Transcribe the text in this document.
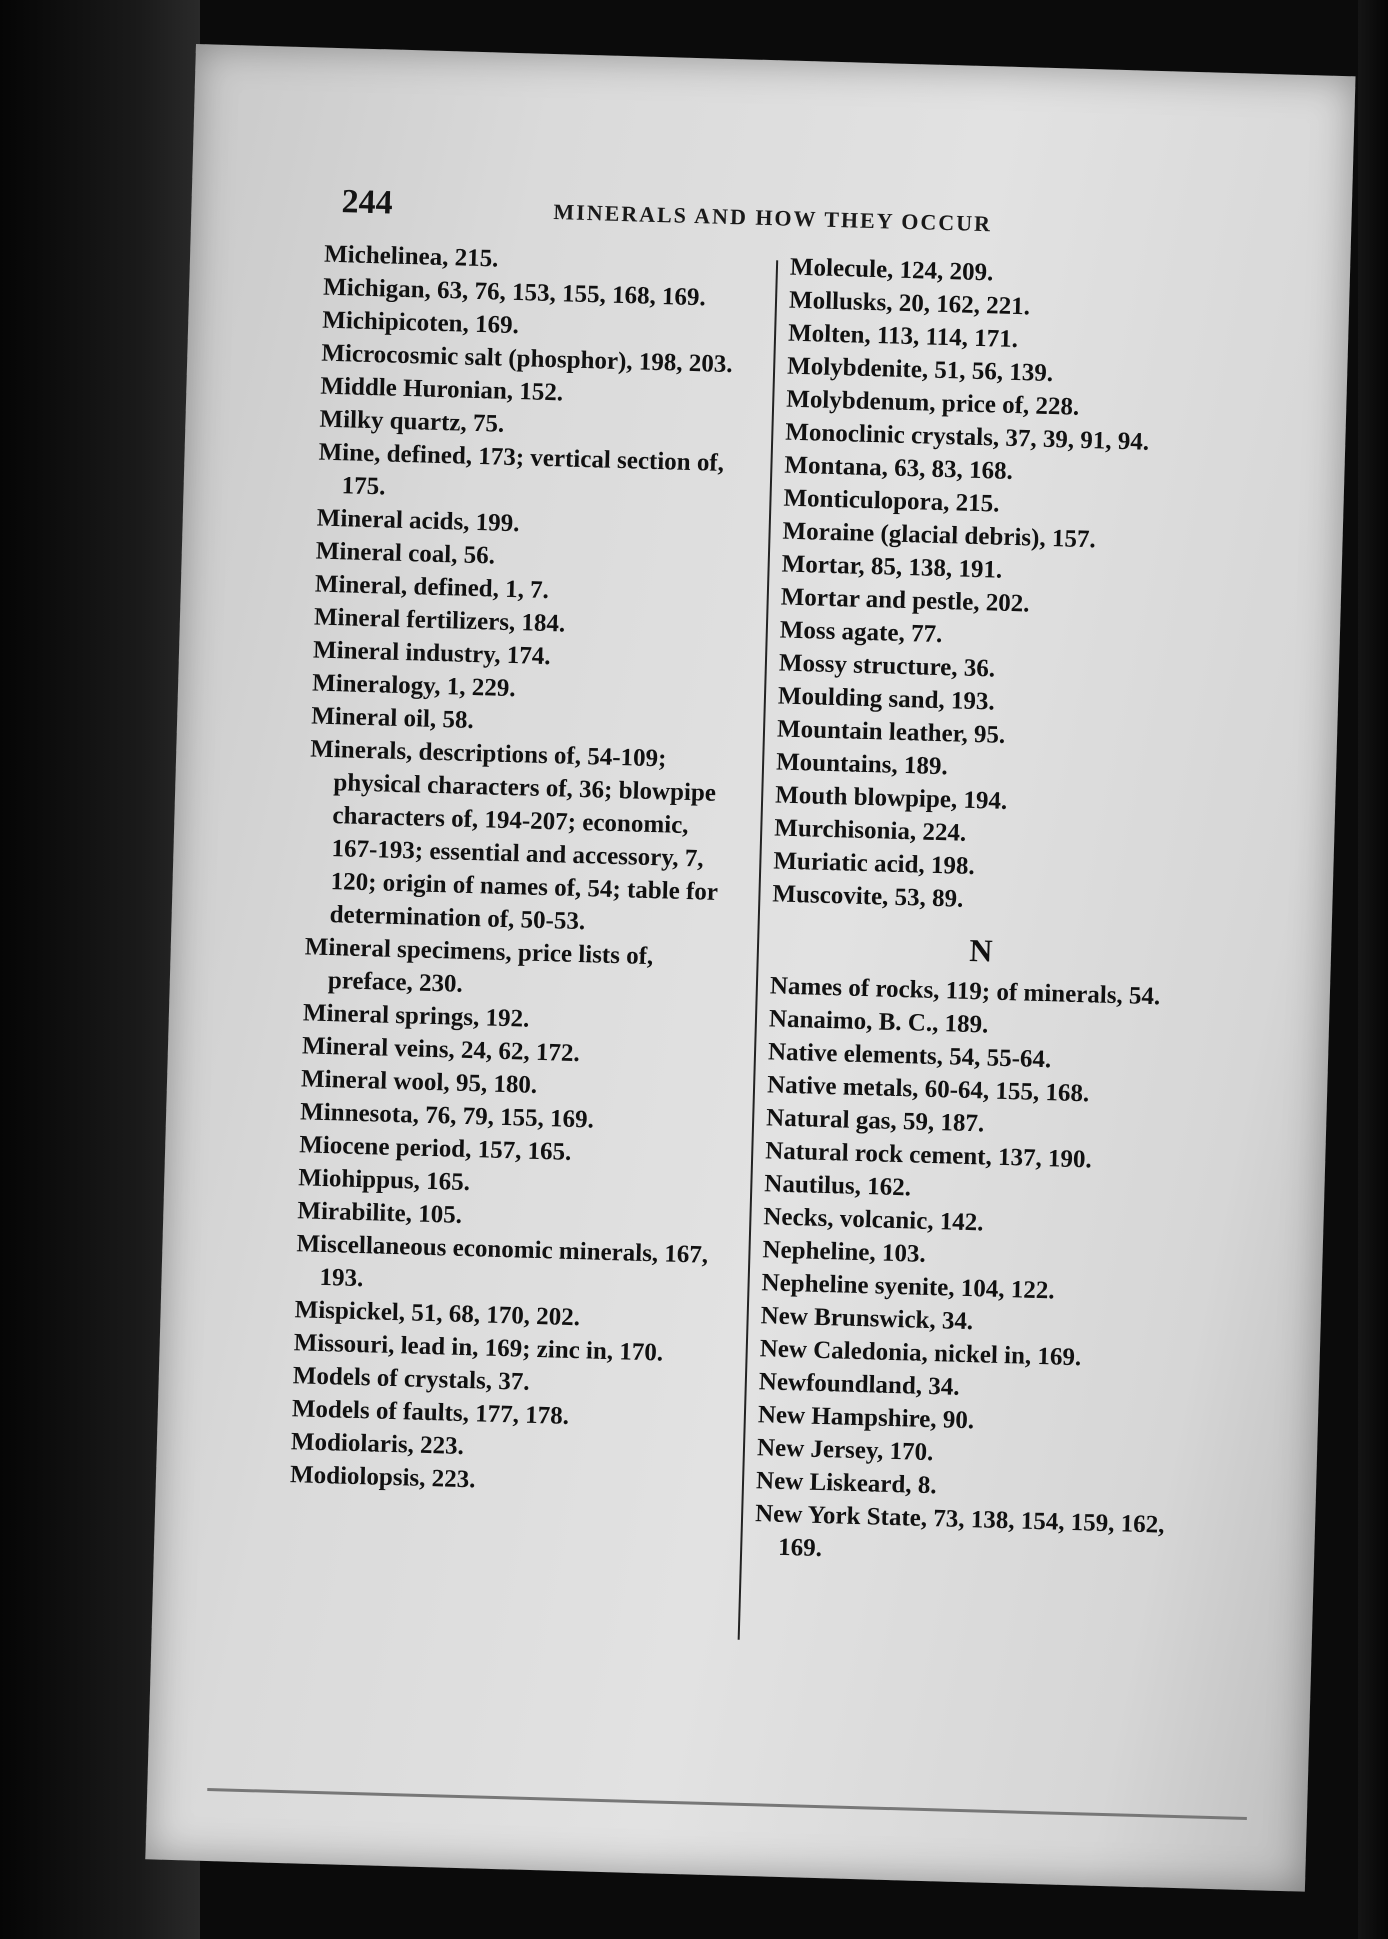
244	MINERALS AND HOW THEY OCCUR
Michelinea, 215.
Michigan, 63, 76, 153, 155, 168, 169.
Michipicoten, 169.
Microcosmic salt (phosphor), 198, 203.
Middle Huronian, 152.
Milky quartz, 75.
Mine, defined, 173; vertical section of, 175.
Mineral acids, 199.
Mineral coal, 56.
Mineral, defined, 1, 7.
Mineral fertilizers, 184.
Mineral industry, 174.
Mineralogy, 1, 229.
Mineral oil, 58.
Minerals, descriptions of, 54-109; physical characters of, 36; blowpipe characters of, 194-207; economic, 167-193; essential and accessory, 7, 120; origin of names of, 54; table for determination of, 50-53.
Mineral specimens, price lists of, preface, 230.
Mineral springs, 192.
Mineral veins, 24, 62, 172.
Mineral wool, 95, 180.
Minnesota, 76, 79, 155, 169.
Miocene period, 157, 165.
Miohippus, 165.
Mirabilite, 105.
Miscellaneous economic minerals, 167, 193.
Mispickel, 51, 68, 170, 202.
Missouri, lead in, 169; zinc in, 170.
Models of crystals, 37.
Models of faults, 177, 178.
Modiolaris, 223.
Modiolopsis, 223.
Molecule, 124, 209.
Mollusks, 20, 162, 221.
Molten, 113, 114, 171.
Molybdenite, 51, 56, 139.
Molybdenum, price of, 228.
Monoclinic crystals, 37, 39, 91, 94.
Montana, 63, 83, 168.
Monticulopora, 215.
Moraine (glacial debris), 157.
Mortar, 85, 138, 191.
Mortar and pestle, 202.
Moss agate, 77.
Mossy structure, 36.
Moulding sand, 193.
Mountain leather, 95.
Mountains, 189.
Mouth blowpipe, 194.
Murchisonia, 224.
Muriatic acid, 198.
Muscovite, 53, 89.
N
Names of rocks, 119; of minerals, 54.
Nanaimo, B. C., 189.
Native elements, 54, 55-64.
Native metals, 60-64, 155, 168.
Natural gas, 59, 187.
Natural rock cement, 137, 190.
Nautilus, 162.
Necks, volcanic, 142.
Nepheline, 103.
Nepheline syenite, 104, 122.
New Brunswick, 34.
New Caledonia, nickel in, 169.
Newfoundland, 34.
New Hampshire, 90.
New Jersey, 170.
New Liskeard, 8.
New York State, 73, 138, 154, 159, 162, 169.
